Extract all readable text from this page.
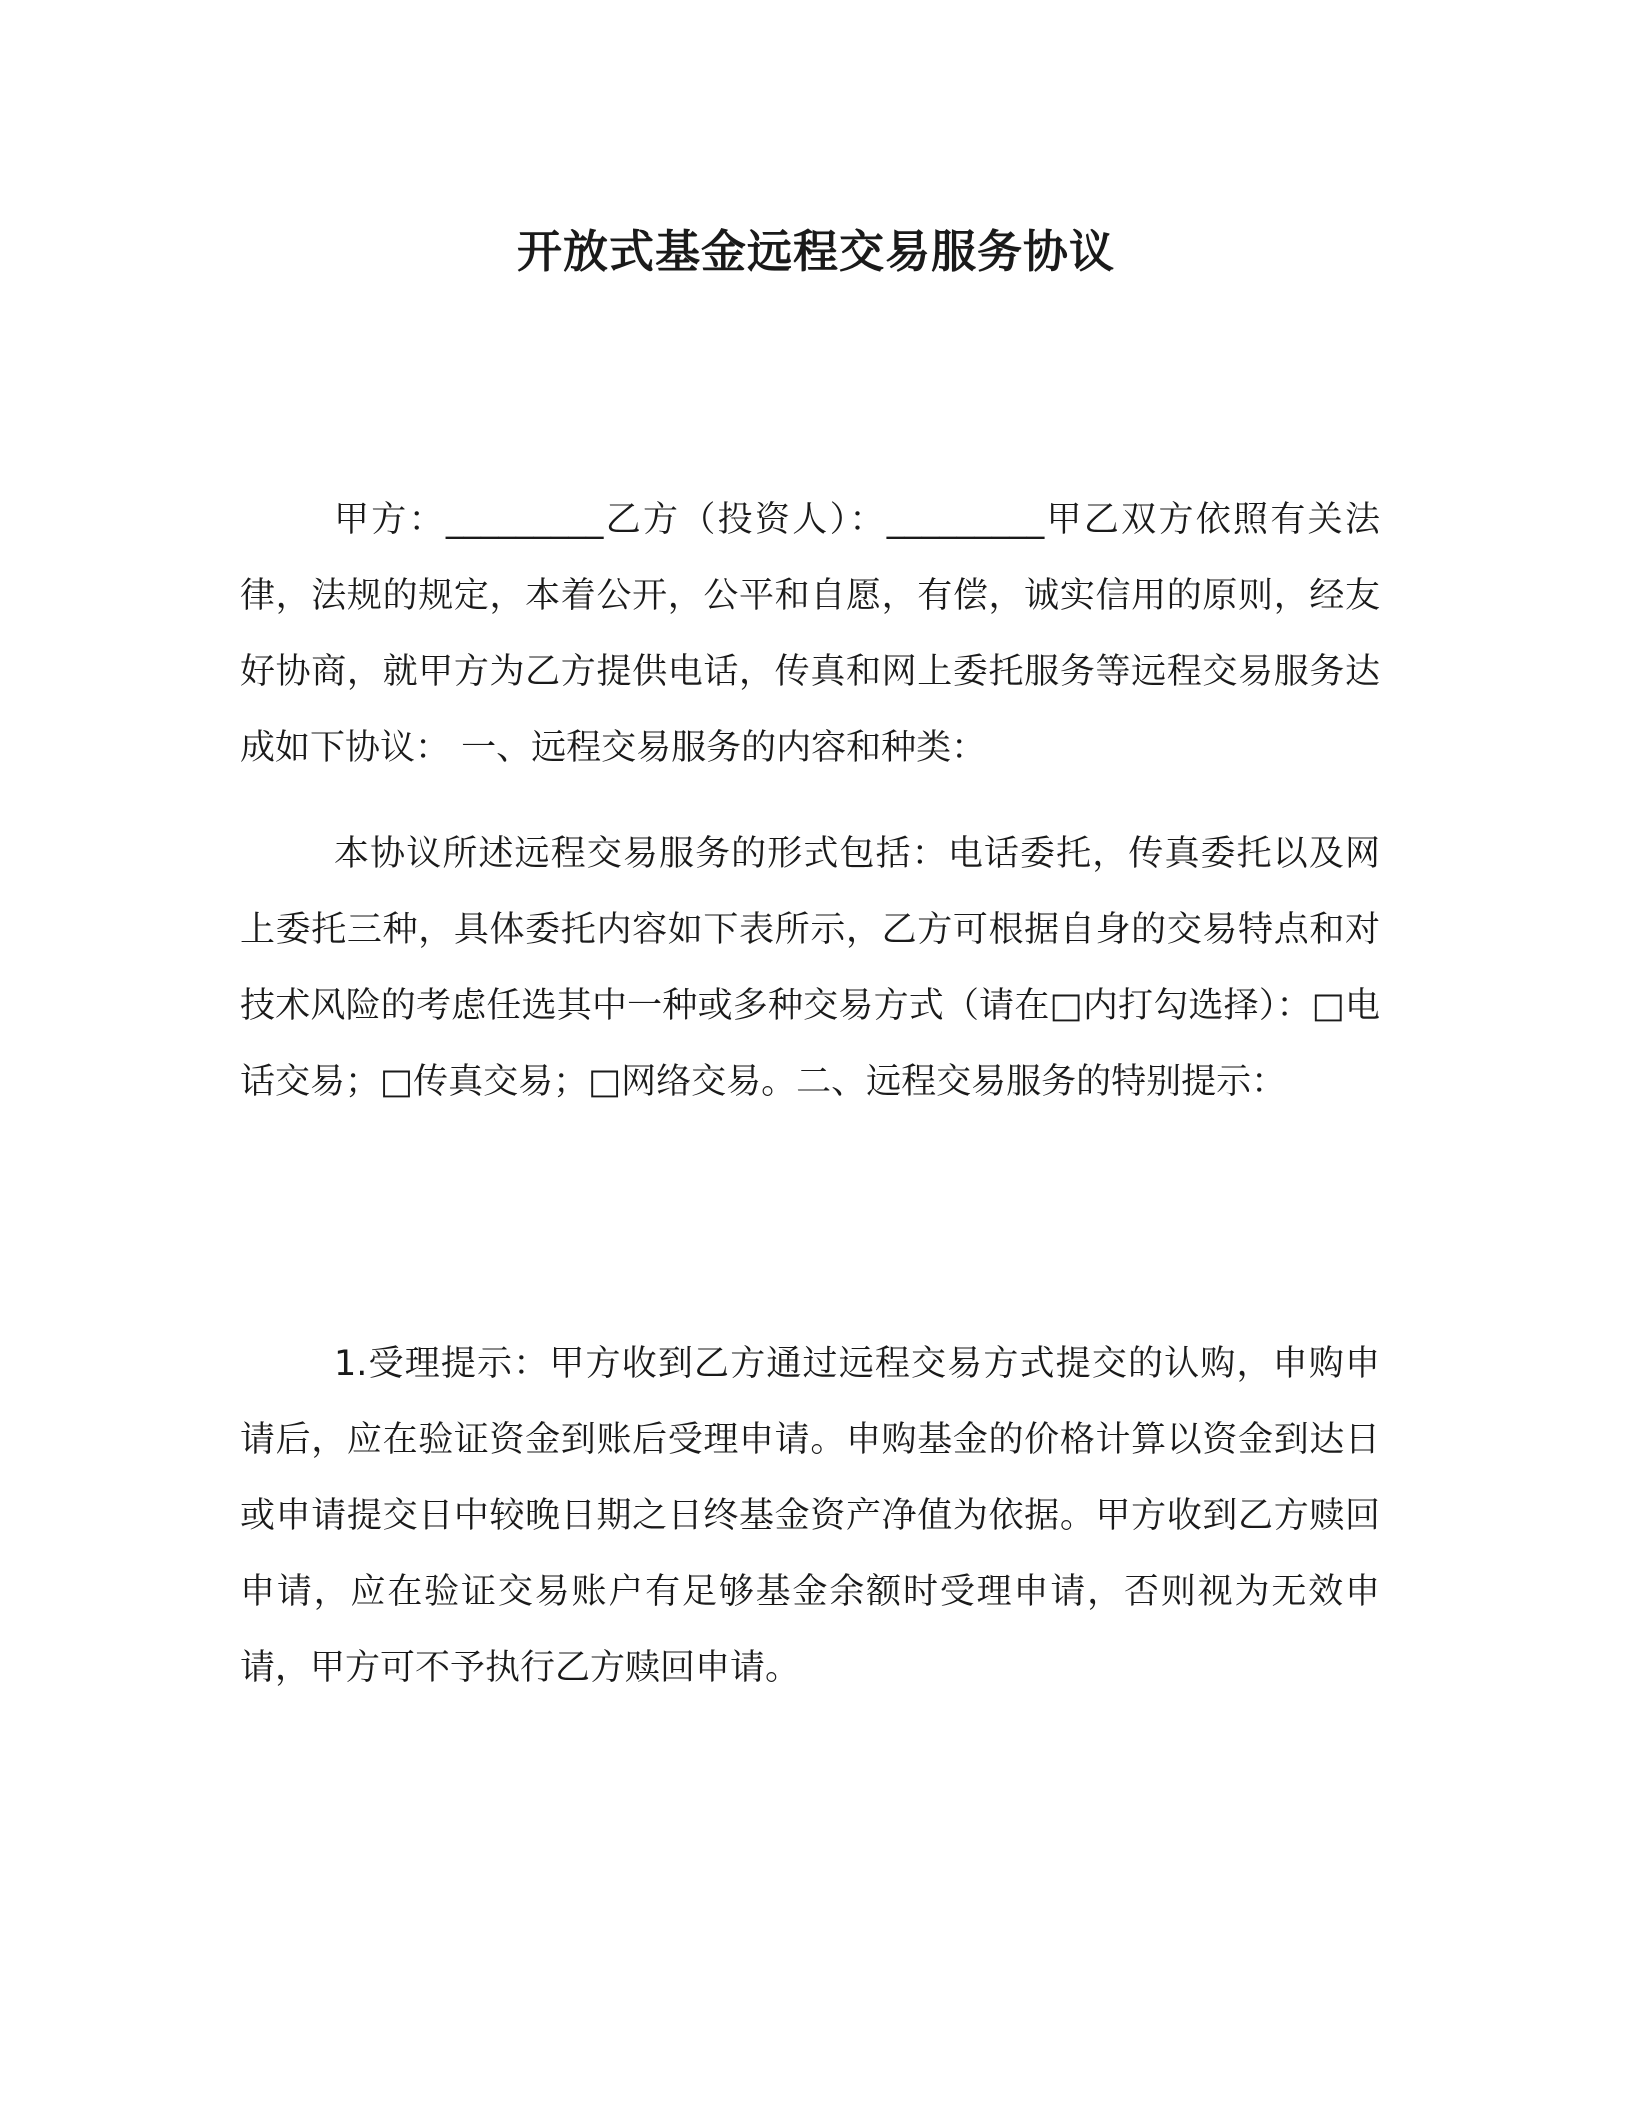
开放式基金远程交易服务协议

甲方：_________乙方（投资人）：_________甲乙双方依照有关法律，法规的规定，本着公开，公平和自愿，有偿，诚实信用的原则，经友好协商，就甲方为乙方提供电话，传真和网上委托服务等远程交易服务达成如下协议： 一、远程交易服务的内容和种类：

本协议所述远程交易服务的形式包括：电话委托，传真委托以及网上委托三种，具体委托内容如下表所示，乙方可根据自身的交易特点和对技术风险的考虑任选其中一种或多种交易方式（请在□内打勾选择）：□电话交易；□传真交易；□网络交易。二、远程交易服务的特别提示：

1.受理提示：甲方收到乙方通过远程交易方式提交的认购，申购申请后，应在验证资金到账后受理申请。申购基金的价格计算以资金到达日或申请提交日中较晚日期之日终基金资产净值为依据。甲方收到乙方赎回申请，应在验证交易账户有足够基金余额时受理申请，否则视为无效申请，甲方可不予执行乙方赎回申请。
